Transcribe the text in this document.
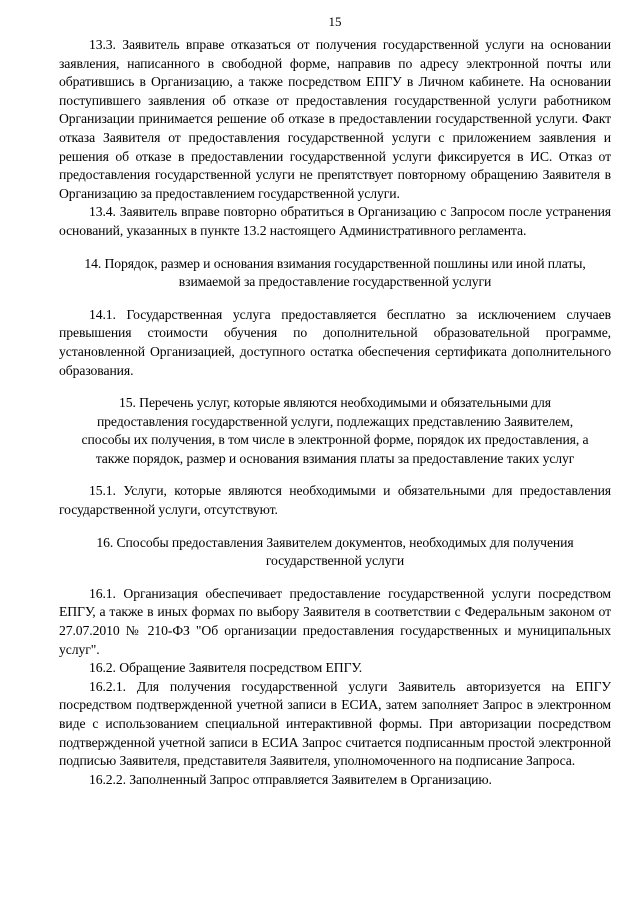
15

13.3. Заявитель вправе отказаться от получения государственной услуги на основании заявления, написанного в свободной форме, направив по адресу электронной почты или обратившись в Организацию, а также посредством ЕПГУ в Личном кабинете. На основании поступившего заявления об отказе от предоставления государственной услуги работником Организации принимается решение об отказе в предоставлении государственной услуги. Факт отказа Заявителя от предоставления государственной услуги с приложением заявления и решения об отказе в предоставлении государственной услуги фиксируется в ИС. Отказ от предоставления государственной услуги не препятствует повторному обращению Заявителя в Организацию за предоставлением государственной услуги.

13.4. Заявитель вправе повторно обратиться в Организацию с Запросом после устранения оснований, указанных в пункте 13.2 настоящего Административного регламента.

14. Порядок, размер и основания взимания государственной пошлины или иной платы, взимаемой за предоставление государственной услуги

14.1. Государственная услуга предоставляется бесплатно за исключением случаев превышения стоимости обучения по дополнительной образовательной программе, установленной Организацией, доступного остатка обеспечения сертификата дополнительного образования.

15. Перечень услуг, которые являются необходимыми и обязательными для предоставления государственной услуги, подлежащих представлению Заявителем, способы их получения, в том числе в электронной форме, порядок их предоставления, а также порядок, размер и основания взимания платы за предоставление таких услуг

15.1. Услуги, которые являются необходимыми и обязательными для предоставления государственной услуги, отсутствуют.

16. Способы предоставления Заявителем документов, необходимых для получения государственной услуги

16.1. Организация обеспечивает предоставление государственной услуги посредством ЕПГУ, а также в иных формах по выбору Заявителя в соответствии с Федеральным законом от 27.07.2010 № 210-ФЗ "Об организации предоставления государственных и муниципальных услуг".

16.2. Обращение Заявителя посредством ЕПГУ.

16.2.1. Для получения государственной услуги Заявитель авторизуется на ЕПГУ посредством подтвержденной учетной записи в ЕСИА, затем заполняет Запрос в электронном виде с использованием специальной интерактивной формы. При авторизации посредством подтвержденной учетной записи в ЕСИА Запрос считается подписанным простой электронной подписью Заявителя, представителя Заявителя, уполномоченного на подписание Запроса.

16.2.2. Заполненный Запрос отправляется Заявителем в Организацию.
